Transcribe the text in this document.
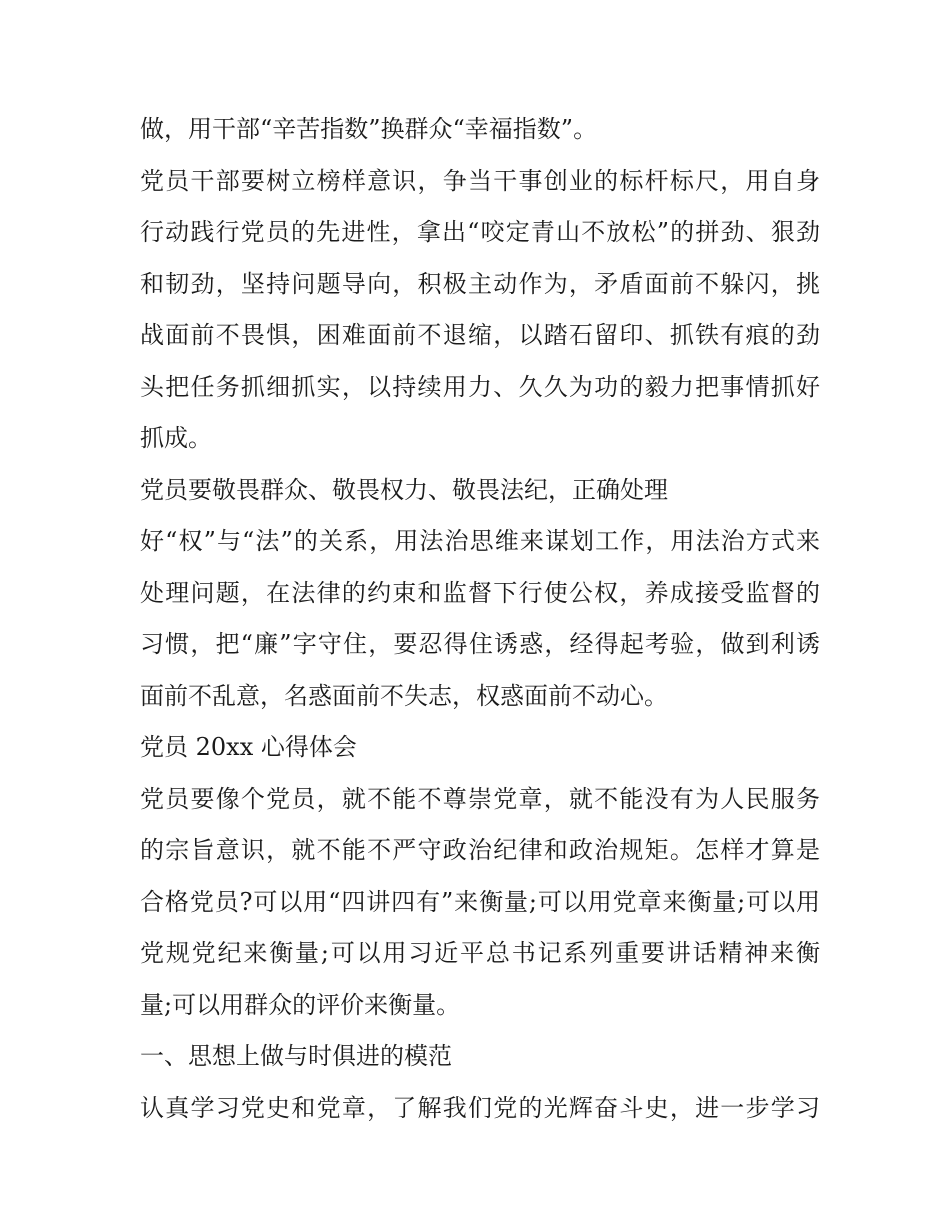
做，用干部“辛苦指数”换群众“幸福指数”。
党员干部要树立榜样意识，争当干事创业的标杆标尺，用自身
行动践行党员的先进性，拿出“咬定青山不放松”的拼劲、狠劲
和韧劲，坚持问题导向，积极主动作为，矛盾面前不躲闪，挑
战面前不畏惧，困难面前不退缩，以踏石留印、抓铁有痕的劲
头把任务抓细抓实，以持续用力、久久为功的毅力把事情抓好
抓成。
党员要敬畏群众、敬畏权力、敬畏法纪，正确处理
好“权”与“法”的关系，用法治思维来谋划工作，用法治方式来
处理问题，在法律的约束和监督下行使公权，养成接受监督的
习惯，把“廉”字守住，要忍得住诱惑，经得起考验，做到利诱
面前不乱意，名惑面前不失志，权惑面前不动心。
党员 20xx 心得体会
党员要像个党员，就不能不尊崇党章，就不能没有为人民服务
的宗旨意识，就不能不严守政治纪律和政治规矩。怎样才算是
合格党员?可以用“四讲四有”来衡量;可以用党章来衡量;可以用
党规党纪来衡量;可以用习近平总书记系列重要讲话精神来衡
量;可以用群众的评价来衡量。
一、思想上做与时俱进的模范
认真学习党史和党章，了解我们党的光辉奋斗史，进一步学习
